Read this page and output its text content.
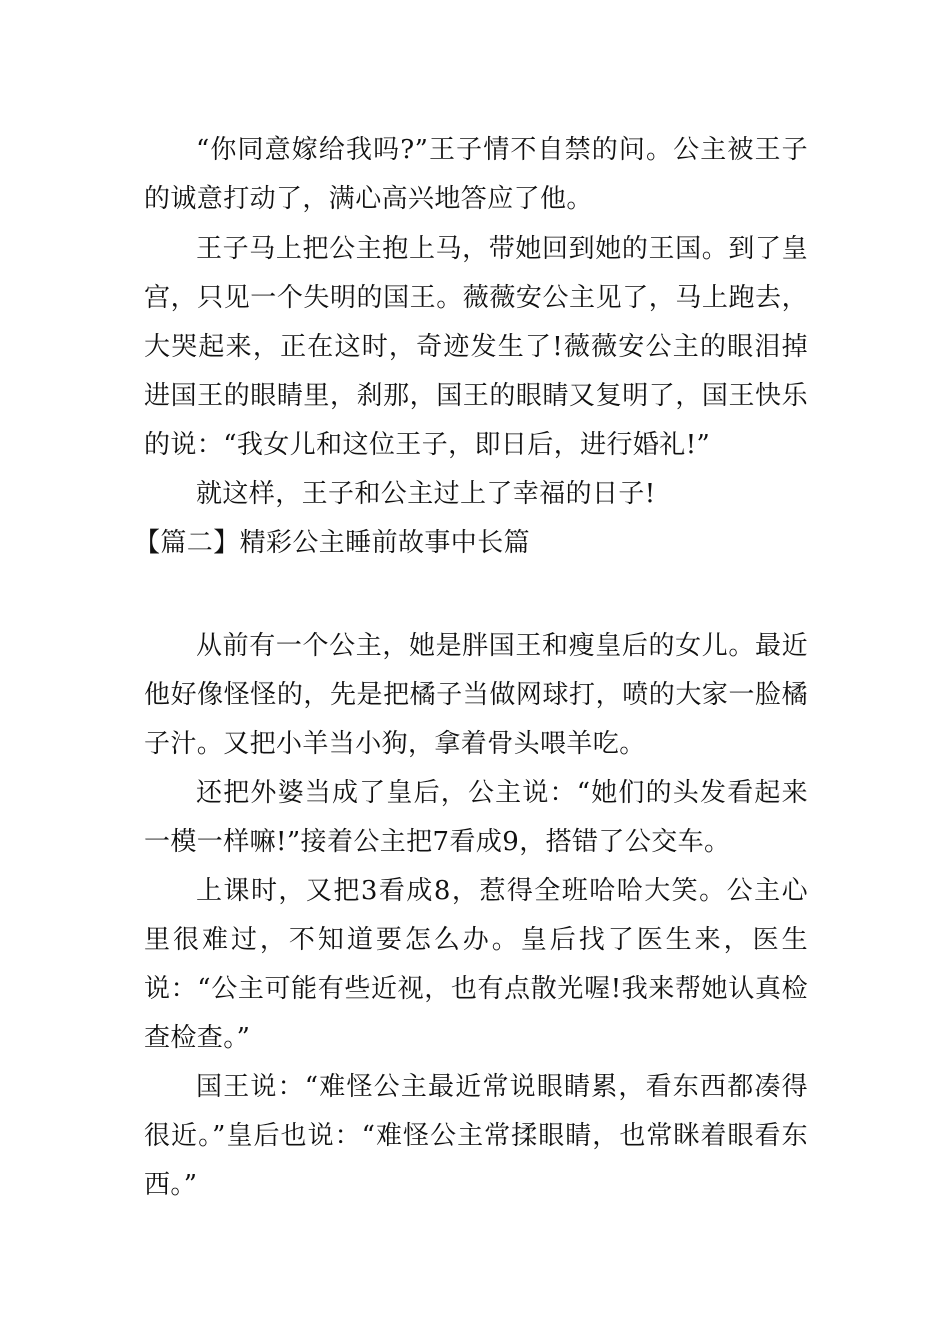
“你同意嫁给我吗?”王子情不自禁的问。公主被王子的诚意打动了，满心高兴地答应了他。

王子马上把公主抱上马，带她回到她的王国。到了皇宫，只见一个失明的国王。薇薇安公主见了，马上跑去，大哭起来，正在这时，奇迹发生了!薇薇安公主的眼泪掉进国王的眼睛里，刹那，国王的眼睛又复明了，国王快乐的说：“我女儿和这位王子，即日后，进行婚礼!”

就这样，王子和公主过上了幸福的日子!

【篇二】精彩公主睡前故事中长篇

从前有一个公主，她是胖国王和瘦皇后的女儿。最近他好像怪怪的，先是把橘子当做网球打，喷的大家一脸橘子汁。又把小羊当小狗，拿着骨头喂羊吃。

还把外婆当成了皇后，公主说：“她们的头发看起来一模一样嘛!”接着公主把7看成9，搭错了公交车。

上课时，又把3看成8，惹得全班哈哈大笑。公主心里很难过，不知道要怎么办。皇后找了医生来，医生说：“公主可能有些近视，也有点散光喔!我来帮她认真检查检查。”

国王说：“难怪公主最近常说眼睛累，看东西都凑得很近。”皇后也说：“难怪公主常揉眼睛，也常眯着眼看东西。”
